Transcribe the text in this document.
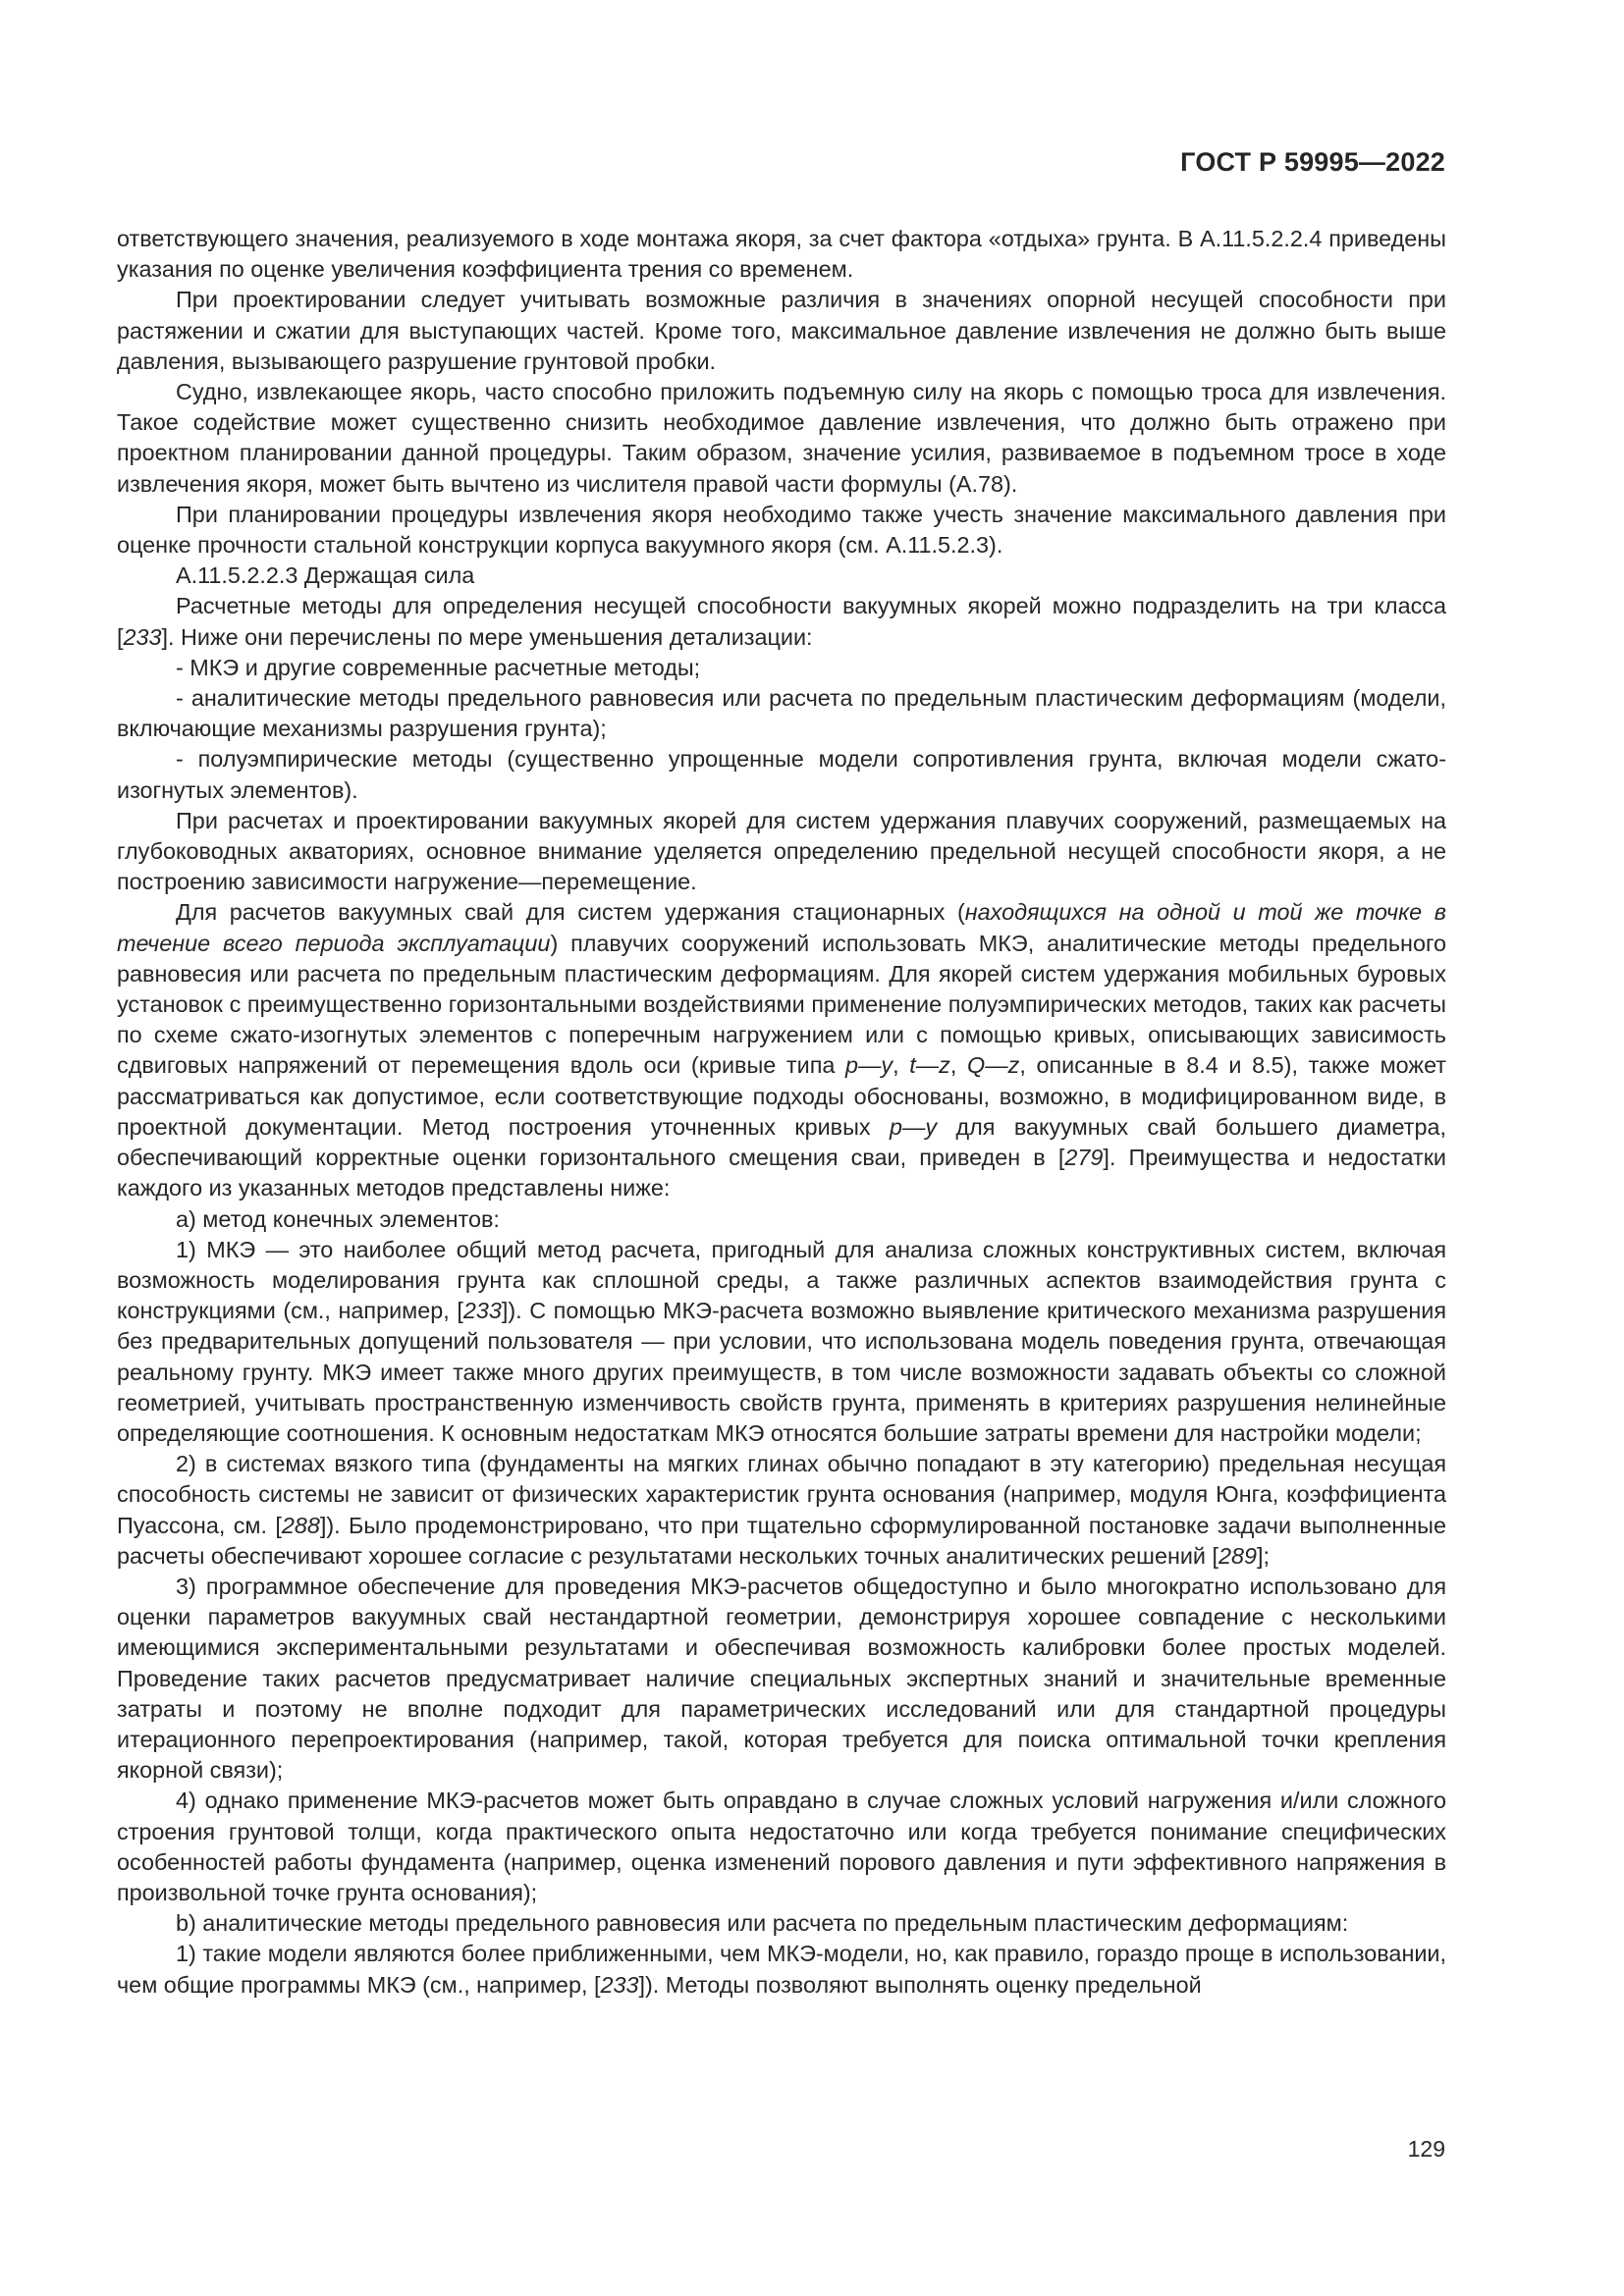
ГОСТ Р 59995—2022

ответствующего значения, реализуемого в ходе монтажа якоря, за счет фактора «отдыха» грунта. В А.11.5.2.2.4 приведены указания по оценке увеличения коэффициента трения со временем.

При проектировании следует учитывать возможные различия в значениях опорной несущей способности при растяжении и сжатии для выступающих частей. Кроме того, максимальное давление извлечения не должно быть выше давления, вызывающего разрушение грунтовой пробки.

Судно, извлекающее якорь, часто способно приложить подъемную силу на якорь с помощью троса для извлечения. Такое содействие может существенно снизить необходимое давление извлечения, что должно быть отражено при проектном планировании данной процедуры. Таким образом, значение усилия, развиваемое в подъемном тросе в ходе извлечения якоря, может быть вычтено из числителя правой части формулы (А.78).

При планировании процедуры извлечения якоря необходимо также учесть значение максимального давления при оценке прочности стальной конструкции корпуса вакуумного якоря (см. А.11.5.2.3).

А.11.5.2.2.3 Держащая сила

Расчетные методы для определения несущей способности вакуумных якорей можно подразделить на три класса [233]. Ниже они перечислены по мере уменьшения детализации:

- МКЭ и другие современные расчетные методы;

- аналитические методы предельного равновесия или расчета по предельным пластическим деформациям (модели, включающие механизмы разрушения грунта);

- полуэмпирические методы (существенно упрощенные модели сопротивления грунта, включая модели сжато-изогнутых элементов).

При расчетах и проектировании вакуумных якорей для систем удержания плавучих сооружений, размещаемых на глубоководных акваториях, основное внимание уделяется определению предельной несущей способности якоря, а не построению зависимости нагружение—перемещение.

Для расчетов вакуумных свай для систем удержания стационарных (находящихся на одной и той же точке в течение всего периода эксплуатации) плавучих сооружений использовать МКЭ, аналитические методы предельного равновесия или расчета по предельным пластическим деформациям. Для якорей систем удержания мобильных буровых установок с преимущественно горизонтальными воздействиями применение полуэмпирических методов, таких как расчеты по схеме сжато-изогнутых элементов с поперечным нагружением или с помощью кривых, описывающих зависимость сдвиговых напряжений от перемещения вдоль оси (кривые типа p—y, t—z, Q—z, описанные в 8.4 и 8.5), также может рассматриваться как допустимое, если соответствующие подходы обоснованы, возможно, в модифицированном виде, в проектной документации. Метод построения уточненных кривых p—y для вакуумных свай большего диаметра, обеспечивающий корректные оценки горизонтального смещения сваи, приведен в [279]. Преимущества и недостатки каждого из указанных методов представлены ниже:

а) метод конечных элементов:

1) МКЭ — это наиболее общий метод расчета, пригодный для анализа сложных конструктивных систем, включая возможность моделирования грунта как сплошной среды, а также различных аспектов взаимодействия грунта с конструкциями (см., например, [233]). С помощью МКЭ-расчета возможно выявление критического механизма разрушения без предварительных допущений пользователя — при условии, что использована модель поведения грунта, отвечающая реальному грунту. МКЭ имеет также много других преимуществ, в том числе возможности задавать объекты со сложной геометрией, учитывать пространственную изменчивость свойств грунта, применять в критериях разрушения нелинейные определяющие соотношения. К основным недостаткам МКЭ относятся большие затраты времени для настройки модели;

2) в системах вязкого типа (фундаменты на мягких глинах обычно попадают в эту категорию) предельная несущая способность системы не зависит от физических характеристик грунта основания (например, модуля Юнга, коэффициента Пуассона, см. [288]). Было продемонстрировано, что при тщательно сформулированной постановке задачи выполненные расчеты обеспечивают хорошее согласие с результатами нескольких точных аналитических решений [289];

3) программное обеспечение для проведения МКЭ-расчетов общедоступно и было многократно использовано для оценки параметров вакуумных свай нестандартной геометрии, демонстрируя хорошее совпадение с несколькими имеющимися экспериментальными результатами и обеспечивая возможность калибровки более простых моделей. Проведение таких расчетов предусматривает наличие специальных экспертных знаний и значительные временные затраты и поэтому не вполне подходит для параметрических исследований или для стандартной процедуры итерационного перепроектирования (например, такой, которая требуется для поиска оптимальной точки крепления якорной связи);

4) однако применение МКЭ-расчетов может быть оправдано в случае сложных условий нагружения и/или сложного строения грунтовой толщи, когда практического опыта недостаточно или когда требуется понимание специфических особенностей работы фундамента (например, оценка изменений порового давления и пути эффективного напряжения в произвольной точке грунта основания);

b) аналитические методы предельного равновесия или расчета по предельным пластическим деформациям:

1) такие модели являются более приближенными, чем МКЭ-модели, но, как правило, гораздо проще в использовании, чем общие программы МКЭ (см., например, [233]). Методы позволяют выполнять оценку предельной

129
